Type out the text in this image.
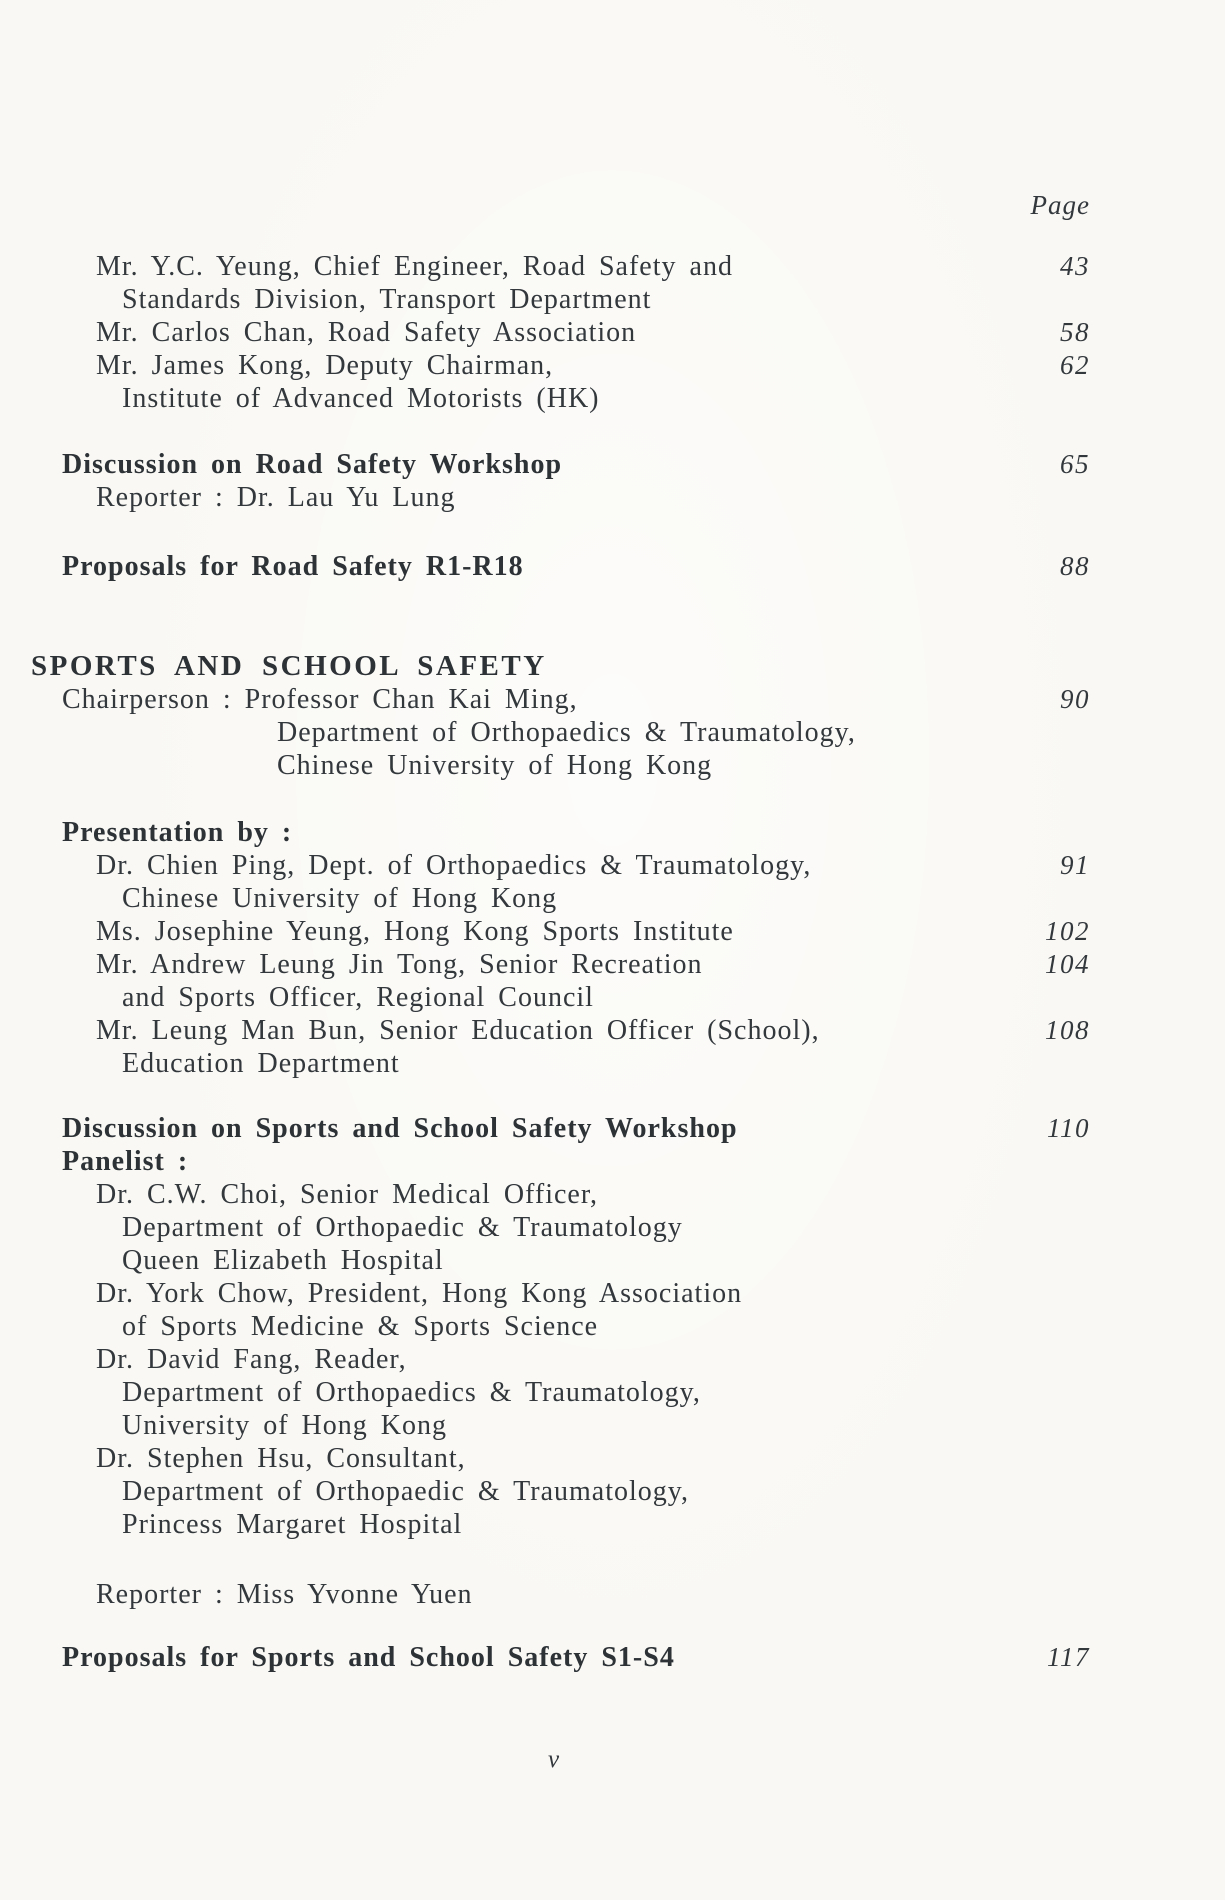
Page
Mr. Y.C. Yeung, Chief Engineer, Road Safety and	43
Standards Division, Transport Department
Mr. Carlos Chan, Road Safety Association	58
Mr. James Kong, Deputy Chairman,	62
Institute of Advanced Motorists (HK)
Discussion on Road Safety Workshop	65
Reporter : Dr. Lau Yu Lung
Proposals for Road Safety R1-R18	88
SPORTS AND SCHOOL SAFETY
Chairperson : Professor Chan Kai Ming,	90
Department of Orthopaedics & Traumatology,
Chinese University of Hong Kong
Presentation by :
Dr. Chien Ping, Dept. of Orthopaedics & Traumatology,	91
Chinese University of Hong Kong
Ms. Josephine Yeung, Hong Kong Sports Institute	102
Mr. Andrew Leung Jin Tong, Senior Recreation	104
and Sports Officer, Regional Council
Mr. Leung Man Bun, Senior Education Officer (School),	108
Education Department
Discussion on Sports and School Safety Workshop	110
Panelist :
Dr. C.W. Choi, Senior Medical Officer,
Department of Orthopaedic & Traumatology
Queen Elizabeth Hospital
Dr. York Chow, President, Hong Kong Association
of Sports Medicine & Sports Science
Dr. David Fang, Reader,
Department of Orthopaedics & Traumatology,
University of Hong Kong
Dr. Stephen Hsu, Consultant,
Department of Orthopaedic & Traumatology,
Princess Margaret Hospital
Reporter : Miss Yvonne Yuen
Proposals for Sports and School Safety S1-S4	117
v
